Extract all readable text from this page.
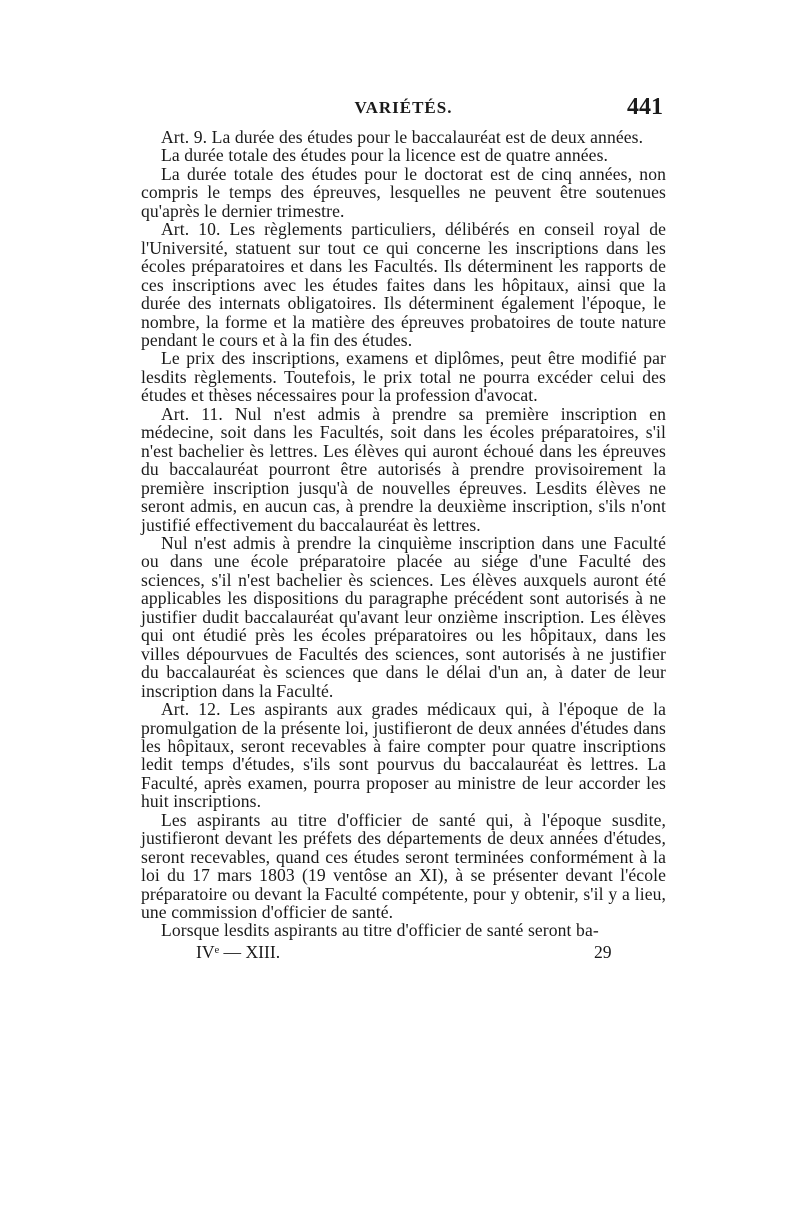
VARIÉTÉS.	441

Art. 9. La durée des études pour le baccalauréat est de deux années.

La durée totale des études pour la licence est de quatre années.

La durée totale des études pour le doctorat est de cinq années, non compris le temps des épreuves, lesquelles ne peuvent être soutenues qu'après le dernier trimestre.

Art. 10. Les règlements particuliers, délibérés en conseil royal de l'Université, statuent sur tout ce qui concerne les inscriptions dans les écoles préparatoires et dans les Facultés. Ils déterminent les rapports de ces inscriptions avec les études faites dans les hôpitaux, ainsi que la durée des internats obligatoires. Ils déterminent également l'époque, le nombre, la forme et la matière des épreuves probatoires de toute nature pendant le cours et à la fin des études.

Le prix des inscriptions, examens et diplômes, peut être modifié par lesdits règlements. Toutefois, le prix total ne pourra excéder celui des études et thèses nécessaires pour la profession d'avocat.

Art. 11. Nul n'est admis à prendre sa première inscription en médecine, soit dans les Facultés, soit dans les écoles préparatoires, s'il n'est bachelier ès lettres. Les élèves qui auront échoué dans les épreuves du baccalauréat pourront être autorisés à prendre provisoirement la première inscription jusqu'à de nouvelles épreuves. Lesdits élèves ne seront admis, en aucun cas, à prendre la deuxième inscription, s'ils n'ont justifié effectivement du baccalauréat ès lettres.

Nul n'est admis à prendre la cinquième inscription dans une Faculté ou dans une école préparatoire placée au siége d'une Faculté des sciences, s'il n'est bachelier ès sciences. Les élèves auxquels auront été applicables les dispositions du paragraphe précédent sont autorisés à ne justifier dudit baccalauréat qu'avant leur onzième inscription. Les élèves qui ont étudié près les écoles préparatoires ou les hôpitaux, dans les villes dépourvues de Facultés des sciences, sont autorisés à ne justifier du baccalauréat ès sciences que dans le délai d'un an, à dater de leur inscription dans la Faculté.

Art. 12. Les aspirants aux grades médicaux qui, à l'époque de la promulgation de la présente loi, justifieront de deux années d'études dans les hôpitaux, seront recevables à faire compter pour quatre inscriptions ledit temps d'études, s'ils sont pourvus du baccalauréat ès lettres. La Faculté, après examen, pourra proposer au ministre de leur accorder les huit inscriptions.

Les aspirants au titre d'officier de santé qui, à l'époque susdite, justifieront devant les préfets des départements de deux années d'études, seront recevables, quand ces études seront terminées conformément à la loi du 17 mars 1803 (19 ventôse an XI), à se présenter devant l'école préparatoire ou devant la Faculté compétente, pour y obtenir, s'il y a lieu, une commission d'officier de santé.

Lorsque lesdits aspirants au titre d'officier de santé seront ba-

IVᵉ — XIII.	29
